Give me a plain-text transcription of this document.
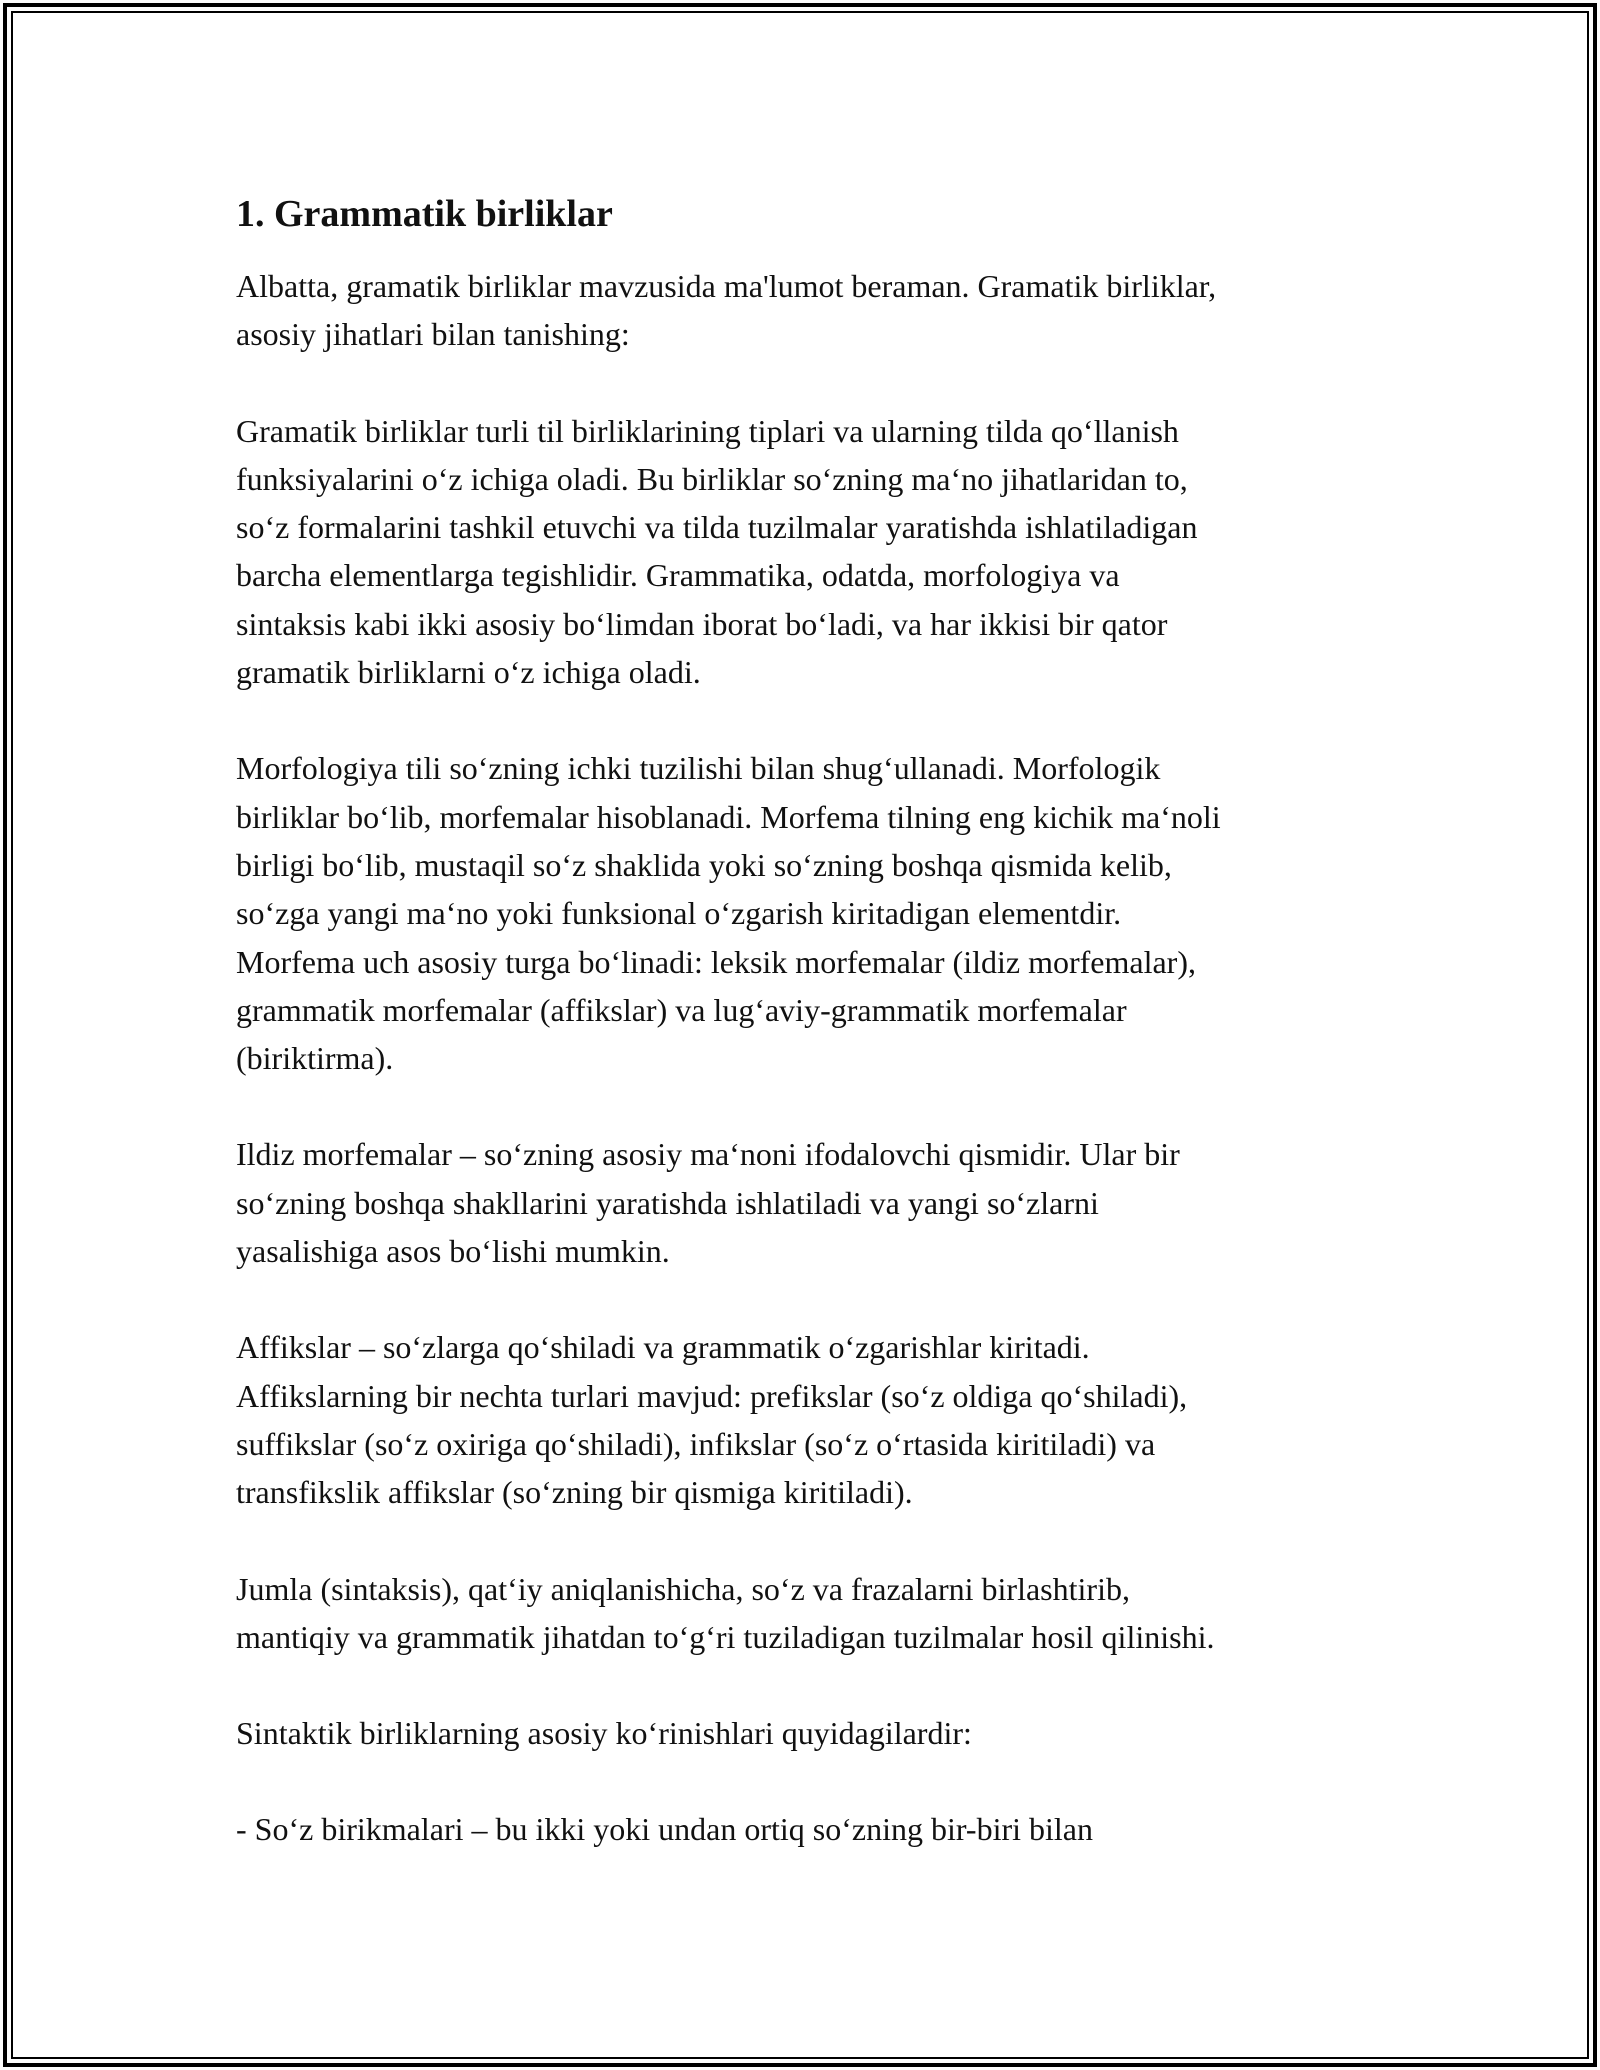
1. Grammatik birliklar

Albatta, gramatik birliklar mavzusida ma'lumot beraman. Gramatik birliklar,
asosiy jihatlari bilan tanishing:

Gramatik birliklar turli til birliklarining tiplari va ularning tilda qo‘llanish
funksiyalarini o‘z ichiga oladi. Bu birliklar so‘zning ma‘no jihatlaridan to,
so‘z formalarini tashkil etuvchi va tilda tuzilmalar yaratishda ishlatiladigan
barcha elementlarga tegishlidir. Grammatika, odatda, morfologiya va
sintaksis kabi ikki asosiy bo‘limdan iborat bo‘ladi, va har ikkisi bir qator
gramatik birliklarni o‘z ichiga oladi.

Morfologiya tili so‘zning ichki tuzilishi bilan shug‘ullanadi. Morfologik
birliklar bo‘lib, morfemalar hisoblanadi. Morfema tilning eng kichik ma‘noli
birligi bo‘lib, mustaqil so‘z shaklida yoki so‘zning boshqa qismida kelib,
so‘zga yangi ma‘no yoki funksional o‘zgarish kiritadigan elementdir.
Morfema uch asosiy turga bo‘linadi: leksik morfemalar (ildiz morfemalar),
grammatik morfemalar (affikslar) va lug‘aviy-grammatik morfemalar
(biriktirma).

Ildiz morfemalar – so‘zning asosiy ma‘noni ifodalovchi qismidir. Ular bir
so‘zning boshqa shakllarini yaratishda ishlatiladi va yangi so‘zlarni
yasalishiga asos bo‘lishi mumkin.

Affikslar – so‘zlarga qo‘shiladi va grammatik o‘zgarishlar kiritadi.
Affikslarning bir nechta turlari mavjud: prefikslar (so‘z oldiga qo‘shiladi),
suffikslar (so‘z oxiriga qo‘shiladi), infikslar (so‘z o‘rtasida kiritiladi) va
transfikslik affikslar (so‘zning bir qismiga kiritiladi).

Jumla (sintaksis), qat‘iy aniqlanishicha, so‘z va frazalarni birlashtirib,
mantiqiy va grammatik jihatdan to‘g‘ri tuziladigan tuzilmalar hosil qilinishi.

Sintaktik birliklarning asosiy ko‘rinishlari quyidagilardir:

- So‘z birikmalari – bu ikki yoki undan ortiq so‘zning bir-biri bilan
